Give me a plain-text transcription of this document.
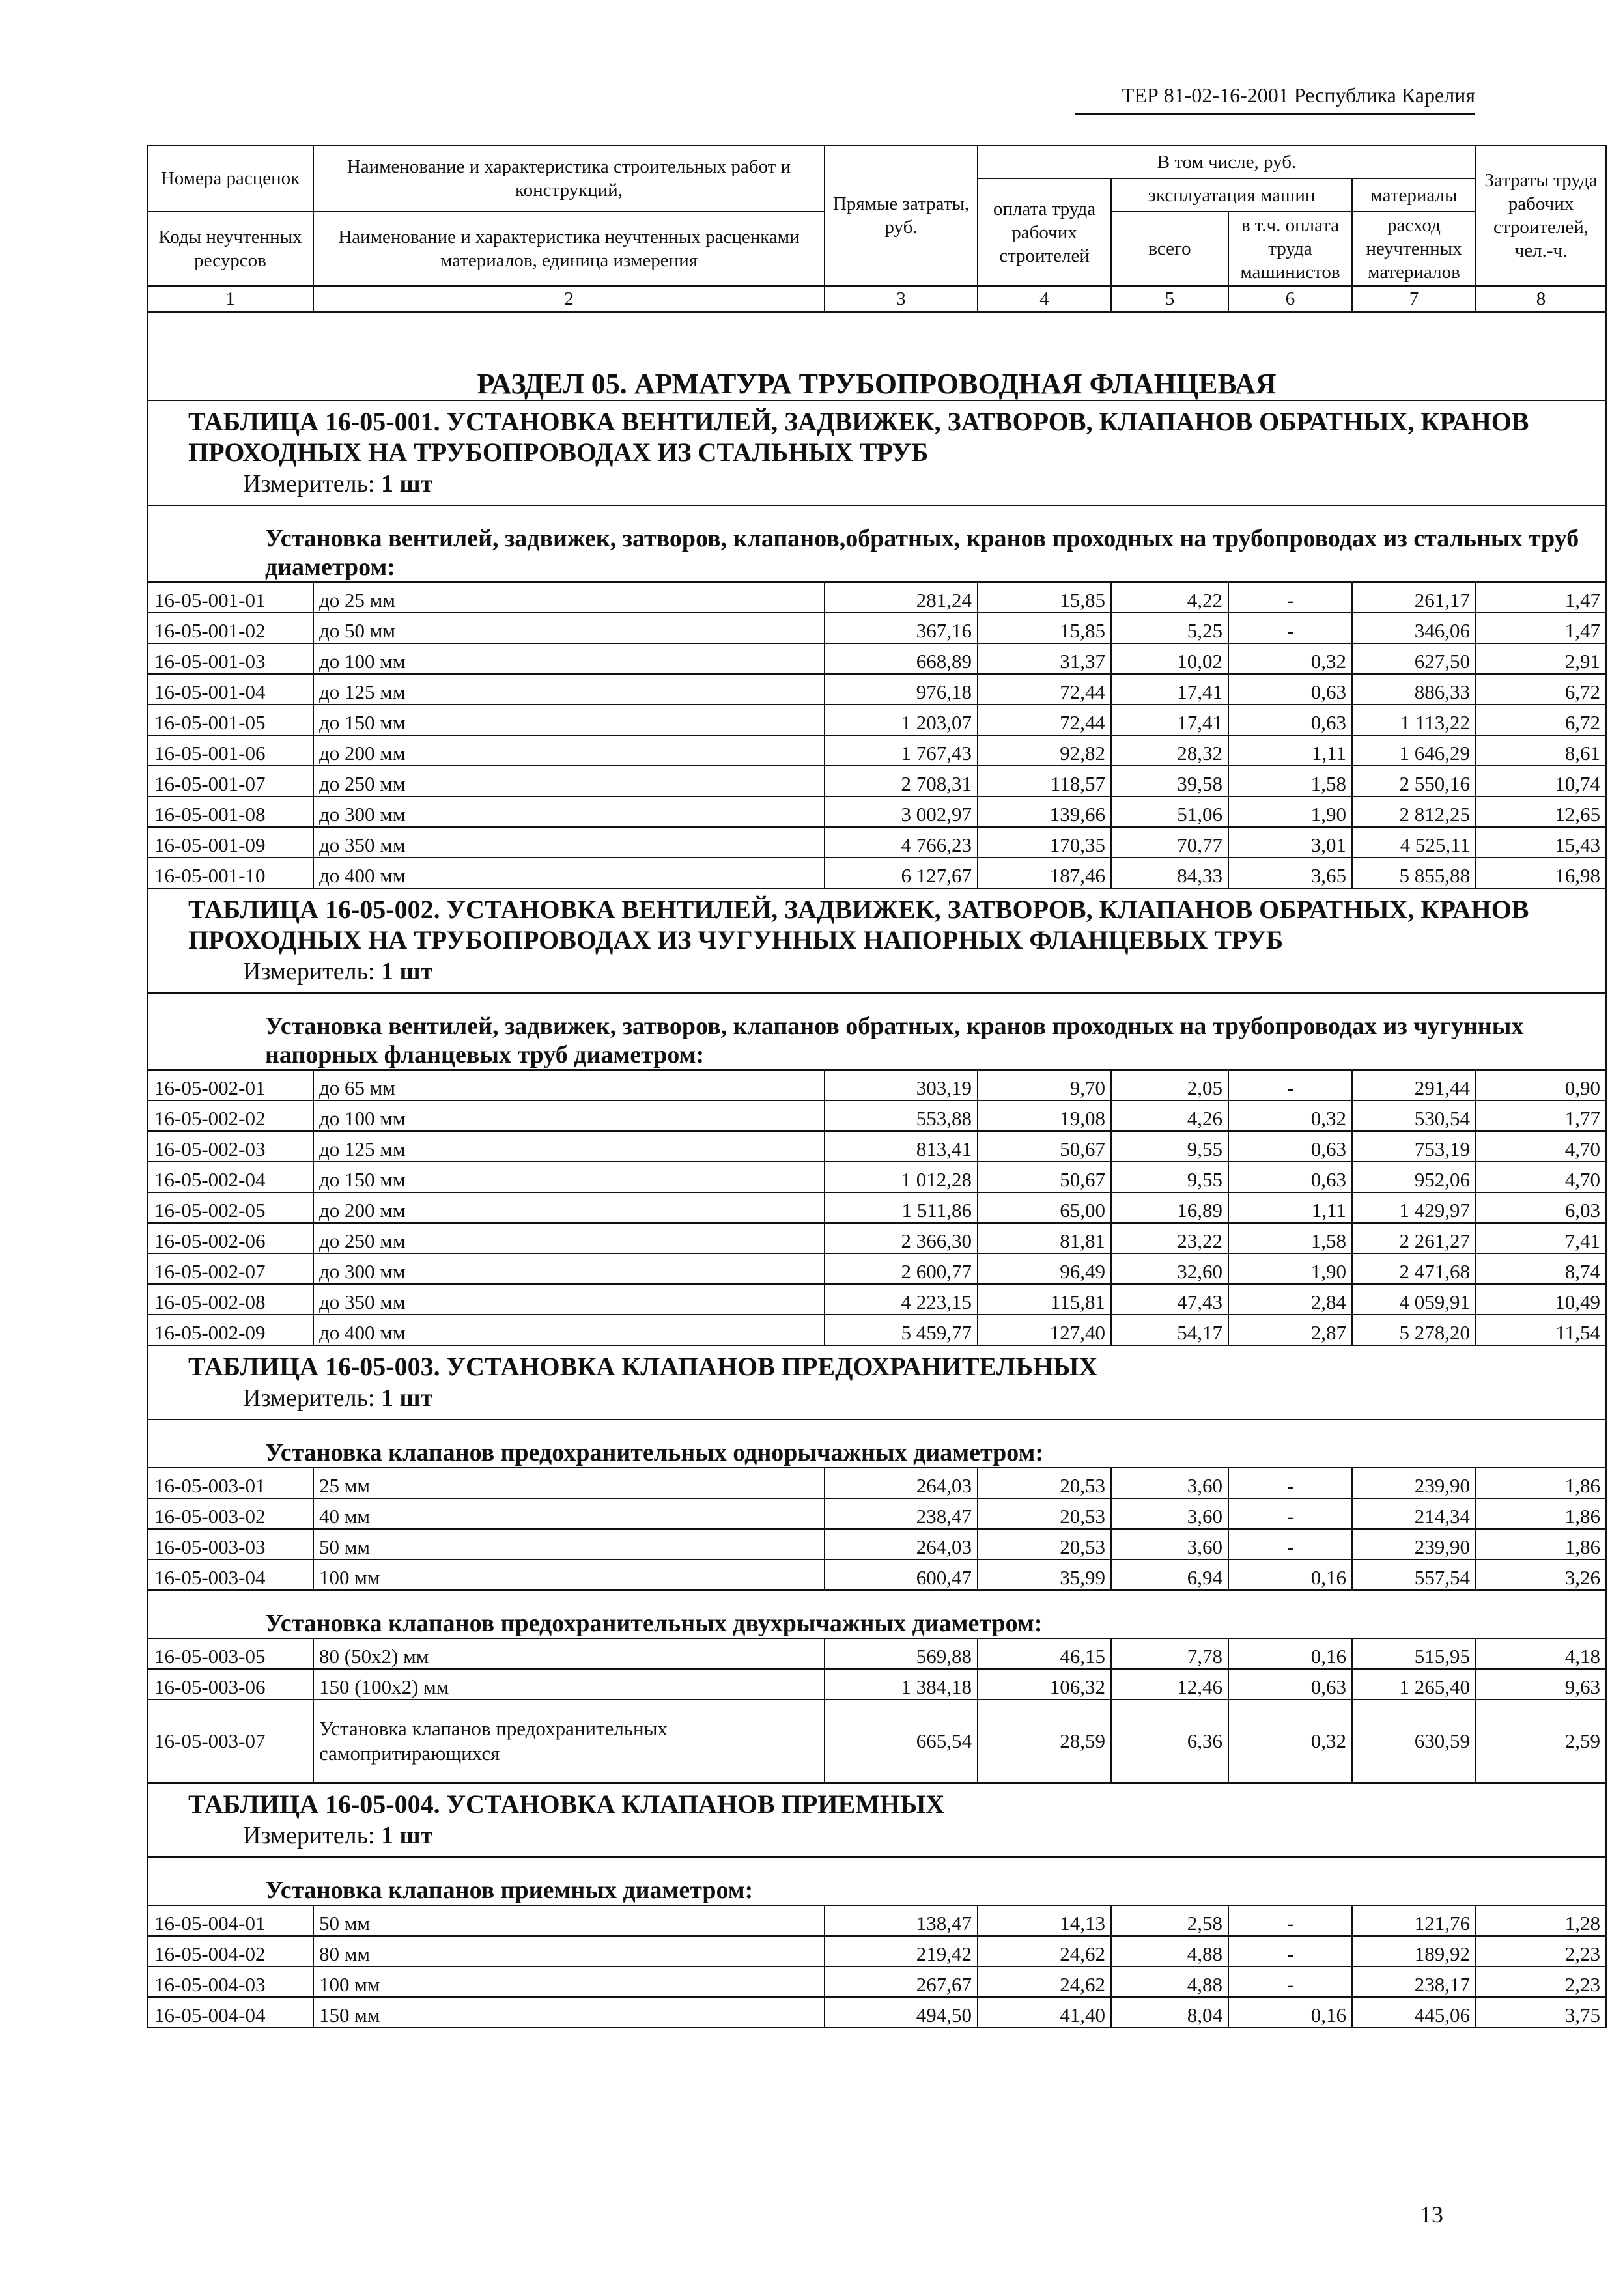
ТЕР 81-02-16-2001 Республика Карелия
Номера расценок	Наименование и характеристика строительных работ и конструкций,	Прямые затраты, руб.	В том числе, руб.				Затраты труда рабочих строителей, чел.-ч.
			оплата труда рабочих строителей	эксплуатация машин		материалы	
Коды неучтенных ресурсов	Наименование и характеристика неучтенных расценками материалов, единица измерения			всего	в т.ч. оплата труда машинистов	расход неучтенных материалов	

1	2	3	4	5	6	7	8
РАЗДЕЛ 05. АРМАТУРА ТРУБОПРОВОДНАЯ ФЛАНЦЕВАЯ							

ТАБЛИЦА 16-05-001. УСТАНОВКА ВЕНТИЛЕЙ, ЗАДВИЖЕК, ЗАТВОРОВ, КЛАПАНОВ ОБРАТНЫХ, КРАНОВ ПРОХОДНЫХ НА ТРУБОПРОВОДАХ ИЗ СТАЛЬНЫХ ТРУБ
Измеритель: 1 шт							

Установка вентилей, задвижек, затворов, клапанов,обратных, кранов проходных на трубопроводах из стальных труб диаметром:							
16-05-001-01	до 25 мм	281,24	15,85	4,22	-	261,17	1,47
16-05-001-02	до 50 мм	367,16	15,85	5,25	-	346,06	1,47
16-05-001-03	до 100 мм	668,89	31,37	10,02	0,32	627,50	2,91
16-05-001-04	до 125 мм	976,18	72,44	17,41	0,63	886,33	6,72
16-05-001-05	до 150 мм	1 203,07	72,44	17,41	0,63	1 113,22	6,72
16-05-001-06	до 200 мм	1 767,43	92,82	28,32	1,11	1 646,29	8,61
16-05-001-07	до 250 мм	2 708,31	118,57	39,58	1,58	2 550,16	10,74
16-05-001-08	до 300 мм	3 002,97	139,66	51,06	1,90	2 812,25	12,65
16-05-001-09	до 350 мм	4 766,23	170,35	70,77	3,01	4 525,11	15,43
16-05-001-10	до 400 мм	6 127,67	187,46	84,33	3,65	5 855,88	16,98

ТАБЛИЦА 16-05-002. УСТАНОВКА ВЕНТИЛЕЙ, ЗАДВИЖЕК, ЗАТВОРОВ, КЛАПАНОВ ОБРАТНЫХ, КРАНОВ ПРОХОДНЫХ НА ТРУБОПРОВОДАХ ИЗ ЧУГУННЫХ НАПОРНЫХ ФЛАНЦЕВЫХ ТРУБ
Измеритель: 1 шт							

Установка вентилей, задвижек, затворов, клапанов обратных, кранов проходных на трубопроводах из чугунных напорных фланцевых труб диаметром:							
16-05-002-01	до 65 мм	303,19	9,70	2,05	-	291,44	0,90
16-05-002-02	до 100 мм	553,88	19,08	4,26	0,32	530,54	1,77
16-05-002-03	до 125 мм	813,41	50,67	9,55	0,63	753,19	4,70
16-05-002-04	до 150 мм	1 012,28	50,67	9,55	0,63	952,06	4,70
16-05-002-05	до 200 мм	1 511,86	65,00	16,89	1,11	1 429,97	6,03
16-05-002-06	до 250 мм	2 366,30	81,81	23,22	1,58	2 261,27	7,41
16-05-002-07	до 300 мм	2 600,77	96,49	32,60	1,90	2 471,68	8,74
16-05-002-08	до 350 мм	4 223,15	115,81	47,43	2,84	4 059,91	10,49
16-05-002-09	до 400 мм	5 459,77	127,40	54,17	2,87	5 278,20	11,54

ТАБЛИЦА 16-05-003. УСТАНОВКА КЛАПАНОВ ПРЕДОХРАНИТЕЛЬНЫХ
Измеритель: 1 шт							

Установка клапанов предохранительных однорычажных диаметром:							
16-05-003-01	25 мм	264,03	20,53	3,60	-	239,90	1,86
16-05-003-02	40 мм	238,47	20,53	3,60	-	214,34	1,86
16-05-003-03	50 мм	264,03	20,53	3,60	-	239,90	1,86
16-05-003-04	100 мм	600,47	35,99	6,94	0,16	557,54	3,26
Установка клапанов предохранительных двухрычажных диаметром:							
16-05-003-05	80 (50х2) мм	569,88	46,15	7,78	0,16	515,95	4,18
16-05-003-06	150 (100х2) мм	1 384,18	106,32	12,46	0,63	1 265,40	9,63
16-05-003-07	Установка клапанов предохранительных самопритирающихся	665,54	28,59	6,36	0,32	630,59	2,59

ТАБЛИЦА 16-05-004. УСТАНОВКА КЛАПАНОВ ПРИЕМНЫХ
Измеритель: 1 шт							

Установка клапанов приемных диаметром:							
16-05-004-01	50 мм	138,47	14,13	2,58	-	121,76	1,28
16-05-004-02	80 мм	219,42	24,62	4,88	-	189,92	2,23
16-05-004-03	100 мм	267,67	24,62	4,88	-	238,17	2,23
16-05-004-04	150 мм	494,50	41,40	8,04	0,16	445,06	3,75
13
